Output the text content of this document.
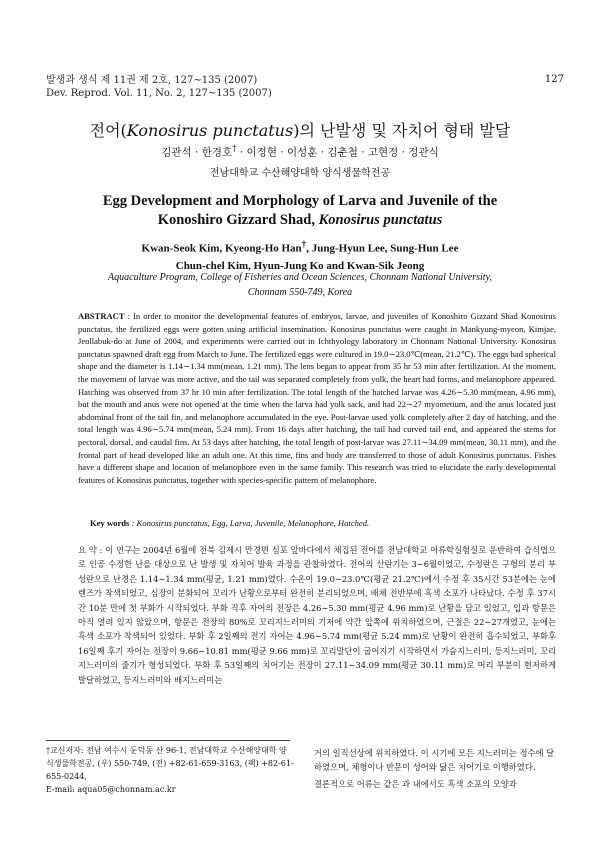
발생과 생식 제 11권 제 2호, 127∼135 (2007)
Dev. Reprod. Vol. 11, No. 2, 127∼135 (2007)
127
전어(Konosirus punctatus)의 난발생 및 자치어 형태 발달
김관석 · 한경호† · 이정현 · 이성훈 · 김춘철 · 고현정 · 정관식
전남대학교 수산해양대학 양식생물학전공
Egg Development and Morphology of Larva and Juvenile of the
Konoshiro Gizzard Shad, Konosirus punctatus
Kwan-Seok Kim, Kyeong-Ho Han†, Jung-Hyun Lee, Sung-Hun Lee
Chun-chel Kim, Hyun-Jung Ko and Kwan-Sik Jeong
Aquaculture Program, College of Fisheries and Ocean Sciences, Chonnam National University,
Chonnam 550-749, Korea
ABSTRACT : In order to monitor the developmental features of embryos, larvae, and juveniles of Konoshiro Gizzard Shad Konosirus punctatus, the fertilized eggs were gotten using artificial insemination. Konosirus punctatus were caught in Mankyung-myeon, Kimjae, Jeollabuk-do at June of 2004, and experiments were carried out in Ichthyology laboratory in Chonnam National University. Konosirus punctatus spawned draft egg from March to June. The fertilized eggs were cultured in 19.0∼23.0℃(mean, 21.2℃). The eggs had spherical shape and the diameter is 1.14∼1.34 mm(mean, 1.21 mm). The lens began to appear from 35 hr 53 min after fertilization. At the moment, the movement of larvae was more active, and the tail was separated completely from yolk, the heart had forms, and melanophore appeared. Hatching was observed from 37 hr 10 min after fertilization. The total length of the hatched larvae was 4.26∼5.30 mm(mean, 4.96 mm), but the mouth and anus were not opened at the time when the larva had yolk sack, and had 22∼27 myometium, and the anus located just abdominal front of the tail fin, and melanophore accumulated in the eye. Post-larvae used yolk completely after 2 day of hatching, and the total length was 4.96∼5.74 mm(mean, 5.24 mm). From 16 days after hatching, the tail had curved tail end, and appeared the stems for pectoral, dorsal, and caudal fins. At 53 days after hatching, the total length of post-larvae was 27.11∼34.09 mm(mean, 30.11 mm), and the frontal part of head developed like an adult one. At this time, fins and body are transferred to those of adult Konosirus punctatus. Fishes have a different shape and location of melanophore even in the same family. This research was tried to elucidate the early developmental features of Konosirus punctatus, together with species-specific pattern of melanophore.
Key words : Konosirus punctatus, Egg, Larva, Juvenile, Melanophore, Hatched.
요 약 : 이 연구는 2004년 6월에 전북 김제시 만경면 심포 앞바다에서 채집된 전어를 전남대학교 어류학실험실로 운반하여 습식법으로 인공 수정한 난을 대상으로 난 발생 및 자치어 발육 과정을 관찰하였다. 전어의 산란기는 3∼6월이었고, 수정란은 구형의 분리 부성란으로 난경은 1.14∼1.34 mm(평균, 1.21 mm)였다. 수온이 19.0∼23.0℃(평균 21.2℃)에서 수정 후 35시간 53분에는 눈에 렌즈가 착색되었고, 심장이 분화되어 꼬리가 난황으로부터 완전히 분리되었으며, 배체 전반부에 흑색 소포가 나타났다. 수정 후 37시간 10분 만에 첫 부화가 시작되었다. 부화 직후 자어의 전장은 4.26∼5.30 mm(평균 4.96 mm)로 난황을 담고 있었고, 입과 항문은 아직 열려 있지 않았으며, 항문은 전장의 80%로 꼬리지느러미의 기저에 약간 앞쪽에 위치하였으며, 근절은 22∼27개였고, 눈에는 흑색 소포가 착색되어 있었다. 부화 후 2일째의 전기 자어는 4.96∼5.74 mm(평균 5.24 mm)로 난황이 완전히 흡수되었고, 부화후 16일째 후기 자어는 전장이 9.66∼10.81 mm(평균 9.66 mm)로 꼬리말단이 굽어지기 시작하면서 가슴지느러미, 등지느러미, 꼬리지느러미의 줄기가 형성되었다. 부화 후 53일째의 치어기는 전장이 27.11∼34.09 mm(평균 30.11 mm)로 머리 부분이 현저하게 발달하였고, 등지느러미와 배지느러미는
거의 일직선상에 위치하였다. 이 시기에 모든 지느러미는 정수에 달하였으며, 체형이나 반문이 성어와 닮은 치어기로 이행하였다.
결론적으로 어류는 같은 과 내에서도 흑색 소포의 모양과
†교신저자: 전남 여수시 둔덕동 산 96-1, 전남대학교 수산해양대학 양
식생물학전공, (우) 550-749, (전) +82-61-659-3163, (팩) +82-61-655-0244,
E-mail: aqua05@chonnam.ac.kr
